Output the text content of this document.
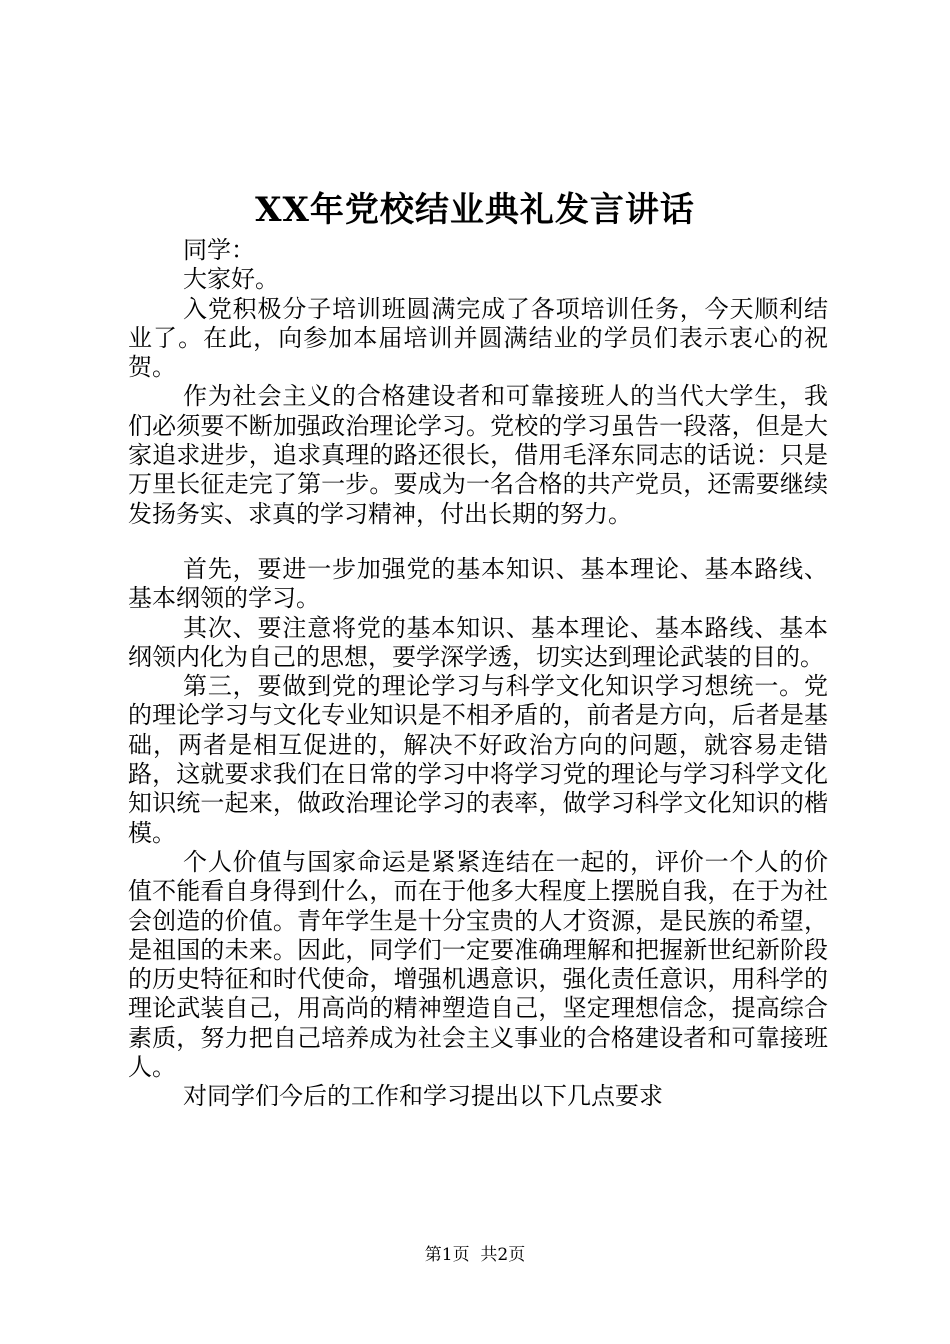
XX年党校结业典礼发言讲话

同学：

大家好。

入党积极分子培训班圆满完成了各项培训任务，今天顺利结业了。在此，向参加本届培训并圆满结业的学员们表示衷心的祝贺。

作为社会主义的合格建设者和可靠接班人的当代大学生，我们必须要不断加强政治理论学习。党校的学习虽告一段落，但是大家追求进步，追求真理的路还很长，借用毛泽东同志的话说：只是万里长征走完了第一步。要成为一名合格的共产党员，还需要继续发扬务实、求真的学习精神，付出长期的努力。

首先，要进一步加强党的基本知识、基本理论、基本路线、基本纲领的学习。

其次、要注意将党的基本知识、基本理论、基本路线、基本纲领内化为自己的思想，要学深学透，切实达到理论武装的目的。

第三，要做到党的理论学习与科学文化知识学习想统一。党的理论学习与文化专业知识是不相矛盾的，前者是方向，后者是基础，两者是相互促进的，解决不好政治方向的问题，就容易走错路，这就要求我们在日常的学习中将学习党的理论与学习科学文化知识统一起来，做政治理论学习的表率，做学习科学文化知识的楷模。

个人价值与国家命运是紧紧连结在一起的，评价一个人的价值不能看自身得到什么，而在于他多大程度上摆脱自我，在于为社会创造的价值。青年学生是十分宝贵的人才资源，是民族的希望，是祖国的未来。因此，同学们一定要准确理解和把握新世纪新阶段的历史特征和时代使命，增强机遇意识，强化责任意识，用科学的理论武装自己，用高尚的精神塑造自己，坚定理想信念，提高综合素质，努力把自己培养成为社会主义事业的合格建设者和可靠接班人。

对同学们今后的工作和学习提出以下几点要求

第1页 共2页
